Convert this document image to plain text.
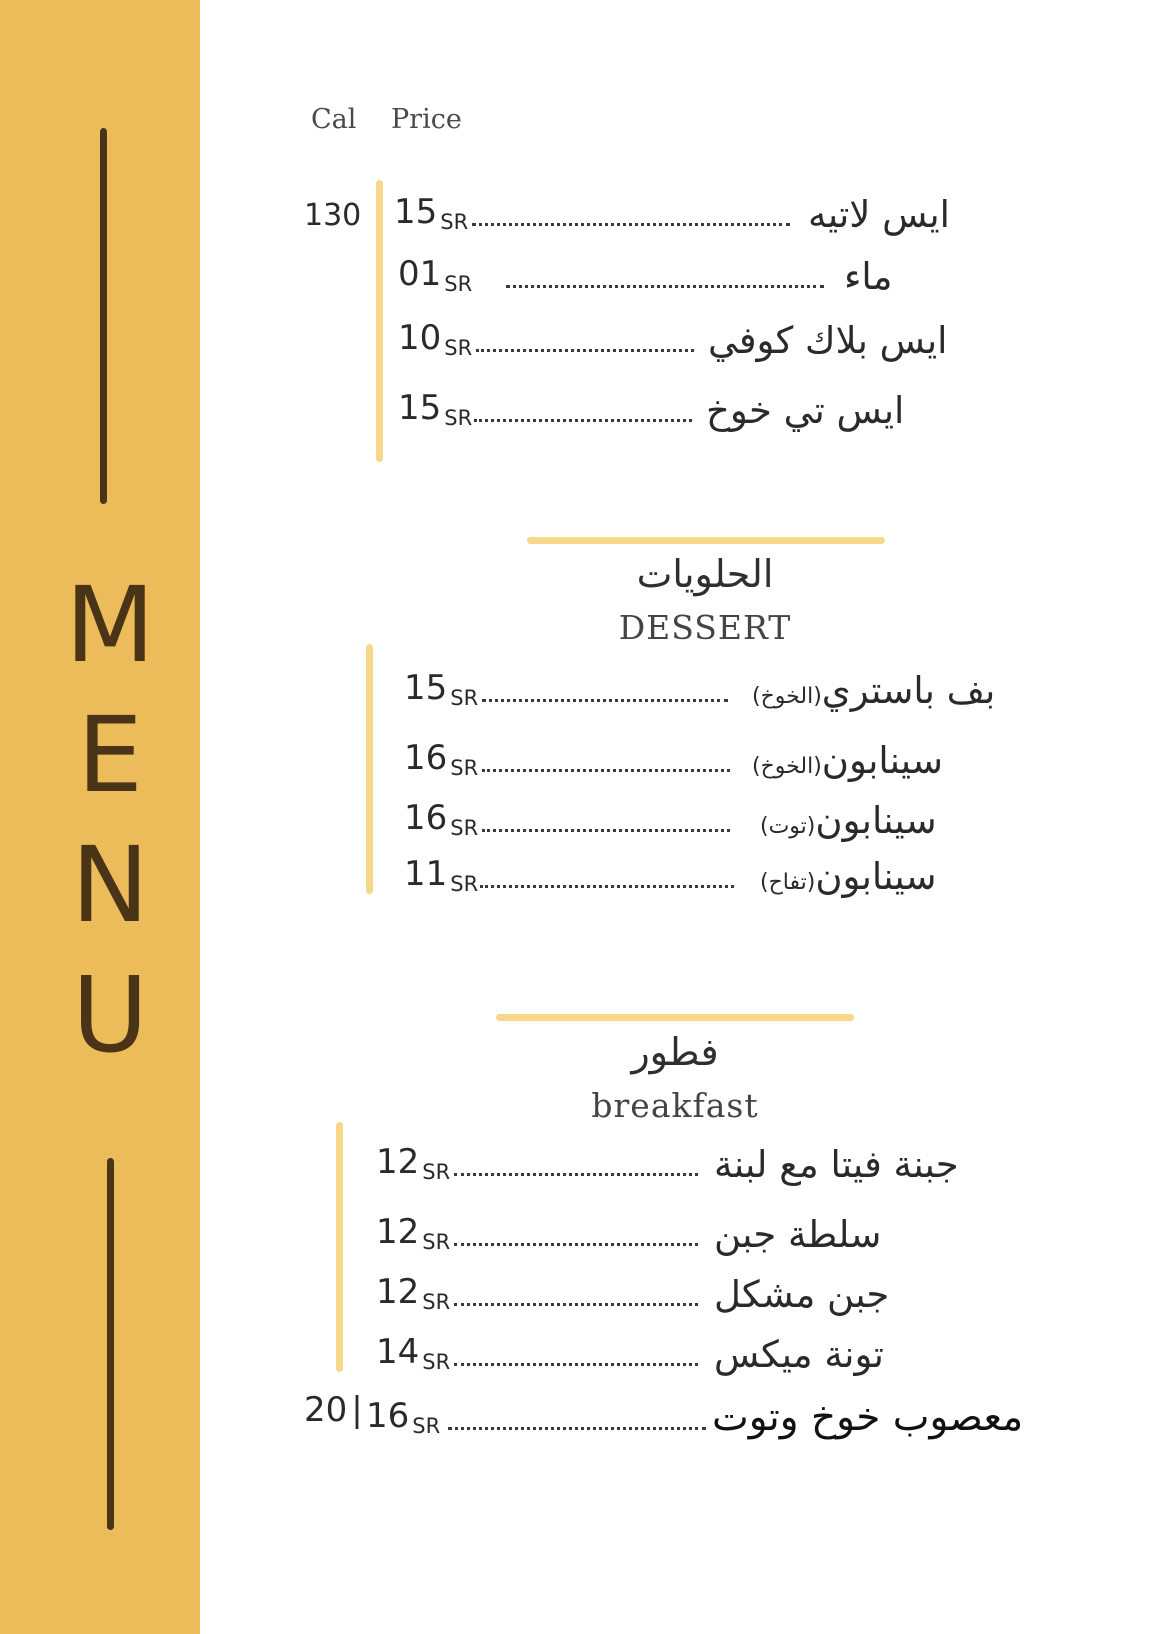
M
E
N
U
Cal Price
130 15 SR	ايس لاتيه
01 SR	ماء
10 SR	ايس بلاك كوفي
15 SR	ايس تي خوخ
الحلويات
DESSERT
15 SR	(الخوخ)بف باستري
16 SR	(الخوخ)سينابون
16 SR	(توت)سينابون
11 SR	(تفاح)سينابون
فطور
breakfast
12 SR	جبنة فيتا مع لبنة
12 SR	سلطة جبن
12 SR	جبن مشكل
14 SR	تونة ميكس
20 | 16 SR	معصوب خوخ وتوت
